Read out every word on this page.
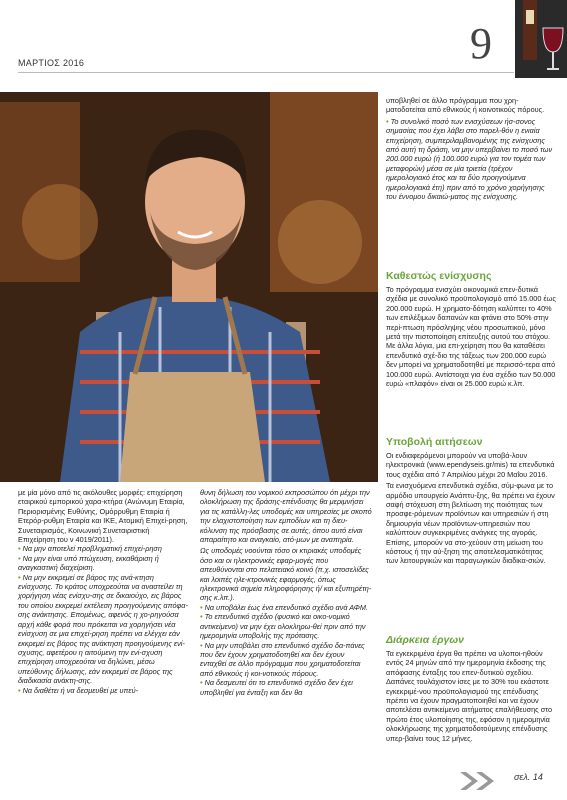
ΜΑΡΤΙΟΣ 2016	9

υποβληθεί σε άλλο πρόγραμμα που χρη-ματοδοτείται από εθνικούς ή κοινοτικούς πόρους.

• Το συνολικό ποσό των ενισχύσεων ήσ-σονος σημασίας που έχει λάβει στο παρελ-θόν η ενιαία επιχείρηση, συμπεριλαμβανομένης της ενίσχυσης από αυτή τη δράση, να μην υπερβαίνει το ποσό των 200.000 ευρώ (ή 100.000 ευρώ για τον τομέα των μεταφορών) μέσα σε μία τριετία (τρέχον ημερολογιακό έτος και τα δύο προηγούμενα ημερολογιακά έτη) πριν από το χρόνο χορήγησης του έννομου δικαιώ-ματος της ενίσχυσης.

Καθεστώς ενίσχυσης

Το πρόγραμμα ενισχύει οικονομικά επεν-δυτικά σχέδια με συνολικό προϋπολογισμό από 15.000 έως 200.000 ευρώ. Η χρηματο-δότηση καλύπτει το 40% των επιλέξιμων δαπανών και φτάνει στο 50% στην περί-πτωση πρόσληψης νέου προσωπικού, μόνο μετά την πιστοποίηση επίτευξης αυτού του στόχου. Με άλλα λόγια, μια επι-χείρηση που θα καταθέσει επενδυτικό σχέ-διο της τάξεως των 200.000 ευρώ δεν μπορεί να χρηματοδοτηθεί με περισσό-τερα από 100.000 ευρώ. Αντίστοιχα για ένα σχέδιο των 50.000 ευρώ «πλαφόν» είναι οι 25.000 ευρώ κ.λπ.

Υποβολή αιτήσεων

Οι ενδιαφερόμενοι μπορούν να υποβά-λουν ηλεκτρονικά (www.ependyseis.gr/mis) τα επενδυτικά τους σχέδια από 7 Απριλίου μέχρι 20 Μαΐου 2016.

Τα ενισχυόμενα επενδυτικά σχέδια, σύμ-φωνα με το αρμόδιο υπουργείο Ανάπτυ-ξης, θα πρέπει να έχουν σαφή στόχευση στη βελτίωση της ποιότητας των προσφε-ρόμενων προϊόντων και υπηρεσιών ή στη δημιουργία νέων προϊόντων-υπηρεσιών που καλύπτουν συγκεκριμένες ανάγκες της αγοράς. Επίσης, μπορούν να στο-χεύουν στη μείωση του κόστους ή την αύ-ξηση της αποτελεσματικότητας των λειτουργικών και παραγωγικών διαδικα-σιών.

Διάρκεια έργων

Τα εγκεκριμένα έργα θα πρέπει να υλοποι-ηθούν εντός 24 μηνών από την ημερομηνία έκδοσης της απόφασης ένταξης του επεν-δυτικού σχεδίου. Δαπάνες τουλάχιστον ίσες με το 30% του εκάστοτε εγκεκριμέ-νου προϋπολογισμού της επένδυσης πρέπει να έχουν πραγματοποιηθεί και να έχουν αποτελέσει αντικείμενο αιτήματος επαλήθευσης στο πρώτο έτος υλοποίησης της, εφόσον η ημερομηνία ολοκλήρωσης της χρηματοδοτούμενης επένδυσης υπερ-βαίνει τους 12 μήνες.

με μία μόνο από τις ακόλουθες μορφές: επιχείρηση εταιρικού εμπορικού χαρα-κτήρα (Ανώνυμη Εταιρία, Περιορισμένης Ευθύνης, Ομόρρυθμη Εταιρία ή Ετερόρ-ρυθμη Εταιρία και ΙΚΕ, Ατομική Επιχεί-ρηση, Συνεταιρισμός, Κοινωνική Συνεταιριστική Επιχείρηση του ν 4019/2011).

• Να μην αποτελεί προβληματική επιχεί-ρηση

• Να μην είναι υπό πτώχευση, εκκαθάριση ή αναγκαστική διαχείριση.

• Να μην εκκρεμεί σε βάρος της ανά-κτηση ενίσχυσης. Το κράτος υποχρεούται να αναστείλει τη χορήγηση νέας ενίσχυ-σης σε δικαιούχο, εις βάρος του οποίου εκκρεμεί εκτέλεση προηγούμενης απόφα-σης ανάκτησης. Επομένως, αφενός η χο-ρηγούσα αρχή κάθε φορά που πρόκειται να χορηγήσει νέα ενίσχυση σε μια επιχεί-ρηση πρέπει να ελέγχει εάν εκκρεμεί εις βάρος της ανάκτηση προηγούμενης ενί-σχυσης, αφετέρου η αιτούμενη την ενί-σχυση επιχείρηση υποχρεούται να δηλώνει, μέσω υπεύθυνης δήλωσης, εάν εκκρεμεί σε βάρος της διαδικασία ανάκτη-σης.

• Να διαθέτει ή να δεσμευθεί με υπεύ-

θυνη δήλωση του νομικού εκπροσώπου ότι μέχρι την ολοκλήρωση της δράσης-επένδυσης θα μεριμνήσει για τις κατάλλη-λες υποδομές και υπηρεσίες με σκοπό την ελαχιστοποίηση των εμποδίων και τη διευ-κόλυνση της πρόσβασης σε αυτές, όπου αυτό είναι απαραίτητο και αναγκαίο, ατό-μων με αναπηρία.

Ως υποδομές νοούνται τόσο οι κτιριακές υποδομές όσο και οι ηλεκτρονικές εφαρ-μογές που απευθύνονται στο πελατειακό κοινό (π.χ. ιστοσελίδες και λοιπές ηλε-κτρονικές εφαρμογές, όπως ηλεκτρονικά σημεία πληροφόρησης ή/ και εξυπηρέτη-σης κ.λπ.).

• Να υποβάλει έως ένα επενδυτικό σχέδιο ανά ΑΦΜ.

• Το επενδυτικό σχέδιο (φυσικό και οικο-νομικό αντικείμενο) να μην έχει ολοκληρω-θεί πριν από την ημερομηνία υποβολής της πρότασης.

• Να μην υποβάλει στο επενδυτικό σχέδιο δα-πάνες που δεν έχουν χρηματοδοτηθεί και δεν έχουν ενταχθεί σε άλλο πρόγραμμα που χρηματοδοτείται από εθνικούς ή κοι-νοτικούς πόρους.

• Να δεσμευτεί ότι το επενδυτικό σχέδιο δεν έχει υποβληθεί για ένταξη και δεν θα

σελ. 14
